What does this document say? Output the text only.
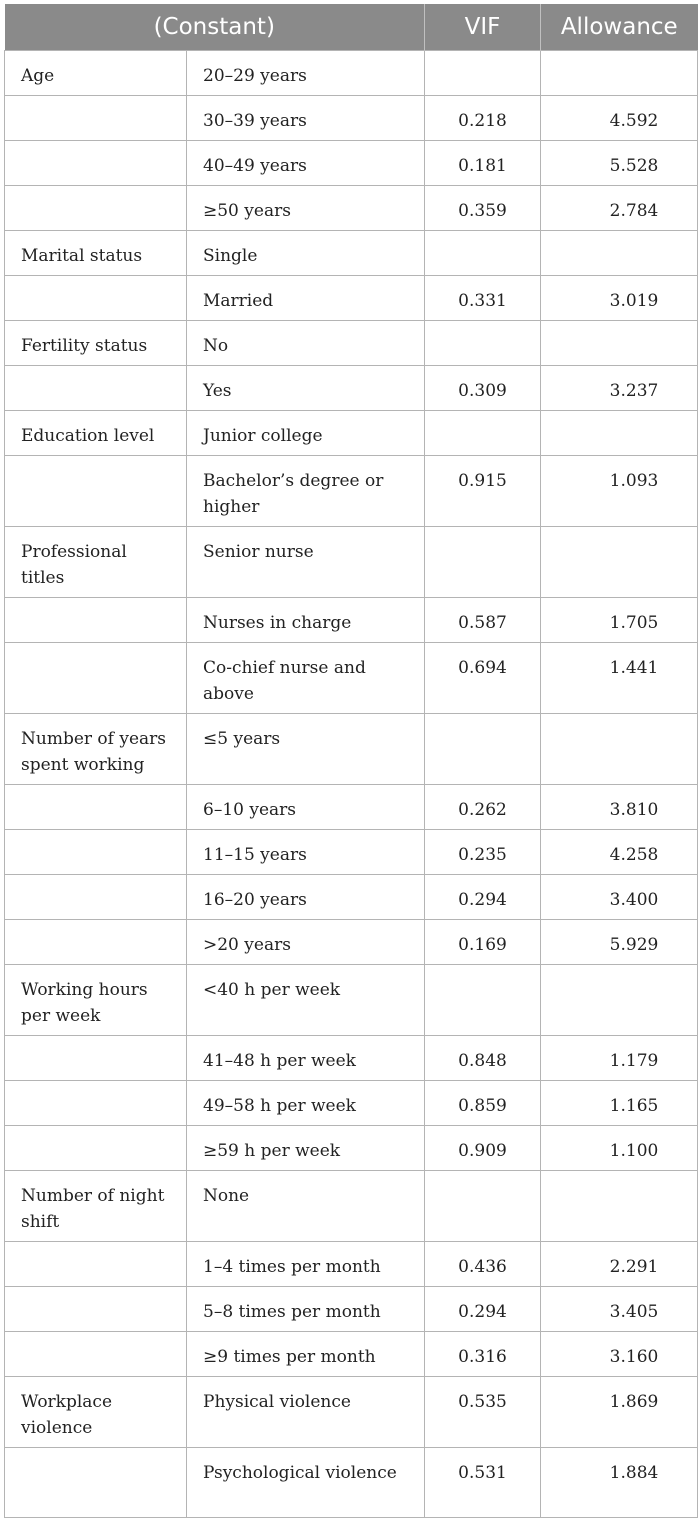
(Constant)		VIF	Allowance
Age	20–29 years		
	30–39 years	0.218	4.592
	40–49 years	0.181	5.528
	≥50 years	0.359	2.784
Marital status	Single		
	Married	0.331	3.019
Fertility status	No		
	Yes	0.309	3.237
Education level	Junior college		
	Bachelor’s degree or higher	0.915	1.093
Professional titles	Senior nurse		
	Nurses in charge	0.587	1.705
	Co-chief nurse and above	0.694	1.441
Number of years spent working	≤5 years		
	6–10 years	0.262	3.810
	11–15 years	0.235	4.258
	16–20 years	0.294	3.400
	>20 years	0.169	5.929
Working hours per week	<40 h per week		
	41–48 h per week	0.848	1.179
	49–58 h per week	0.859	1.165
	≥59 h per week	0.909	1.100
Number of night shift	None		
	1–4 times per month	0.436	2.291
	5–8 times per month	0.294	3.405
	≥9 times per month	0.316	3.160
Workplace violence	Physical violence	0.535	1.869
	Psychological violence	0.531	1.884
